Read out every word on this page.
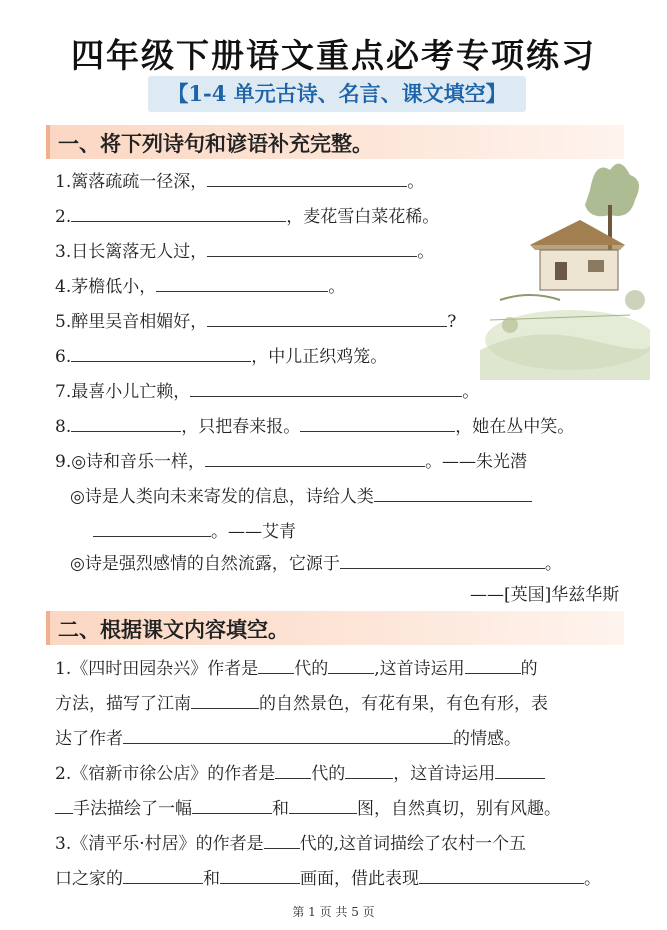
四年级下册语文重点必考专项练习
【1-4 单元古诗、名言、课文填空】
一、将下列诗句和谚语补充完整。
1.篱落疏疏一径深，	。
2.	，麦花雪白菜花稀。
3.日长篱落无人过，	。
4.茅檐低小，	。
5.醉里吴音相媚好，	?
6.	，中儿正织鸡笼。
7.最喜小儿亡赖，	。
8.	，只把春来报。	，她在丛中笑。
9.◎诗和音乐一样，	。——朱光潜
◎诗是人类向未来寄发的信息，诗给人类
。——艾青
◎诗是强烈感情的自然流露，它源于	。
——[英国]华兹华斯
二、根据课文内容填空。
1.《四时田园杂兴》作者是 代的	,这首诗运用	的
方法，描写了江南	的自然景色，有花有果，有色有形，表
达了作者	的情感。
2.《宿新市徐公店》的作者是 代的	，这首诗运用
手法描绘了一幅	和	图，自然真切，别有风趣。
3.《清平乐·村居》的作者是 代的,这首词描绘了农村一个五
口之家的	和	画面，借此表现	。
第 1 页 共 5 页
